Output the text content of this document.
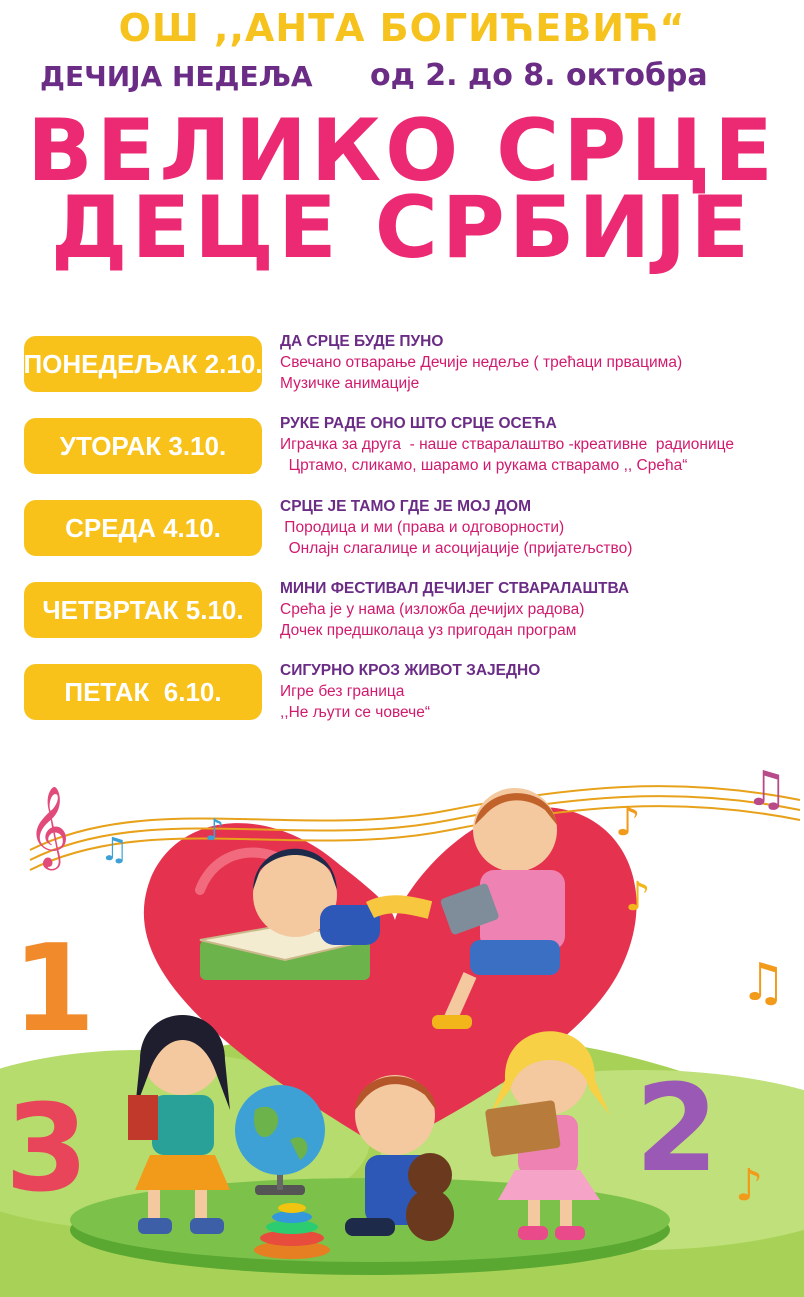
ОШ ,,АНТА БОГИЋЕВИЋ“
ДЕЧИЈА НЕДЕЉА од 2. до 8. октобра
ВЕЛИКО СРЦЕ
ДЕЦЕ СРБИЈЕ
ПОНЕДЕЉАК 2.10.
ДА СРЦЕ БУДЕ ПУНО
Свечано отварање Дечије недеље ( трећаци првацима)
Музичке анимације
УТОРАК 3.10.
РУКЕ РАДЕ ОНО ШТО СРЦЕ ОСЕЋА
Играчка за друга  - наше стваралаштво -креативне  радионице
Цртамо, сликамо, шарамо и рукама стварамо ,, Срећа“
СРЕДА 4.10.
СРЦЕ ЈЕ ТАМО ГДЕ ЈЕ МОЈ ДОМ
Породица и ми (права и одговорности)
Онлајн слагалице и асоцијације (пријатељство)
ЧЕТВРТАК 5.10.
МИНИ ФЕСТИВАЛ ДЕЧИЈЕГ СТВАРАЛАШТВА
Срећа је у нама (изложба дечијих радова)
Дочек предшколаца уз пригодан програм
ПЕТАК  6.10.
СИГУРНО КРОЗ ЖИВОТ ЗАЈЕДНО
Игре без граница
,,Не љути се човече“
𝄞 ♫	♪	♪
♫
♫
♪
♪
1
3	2
